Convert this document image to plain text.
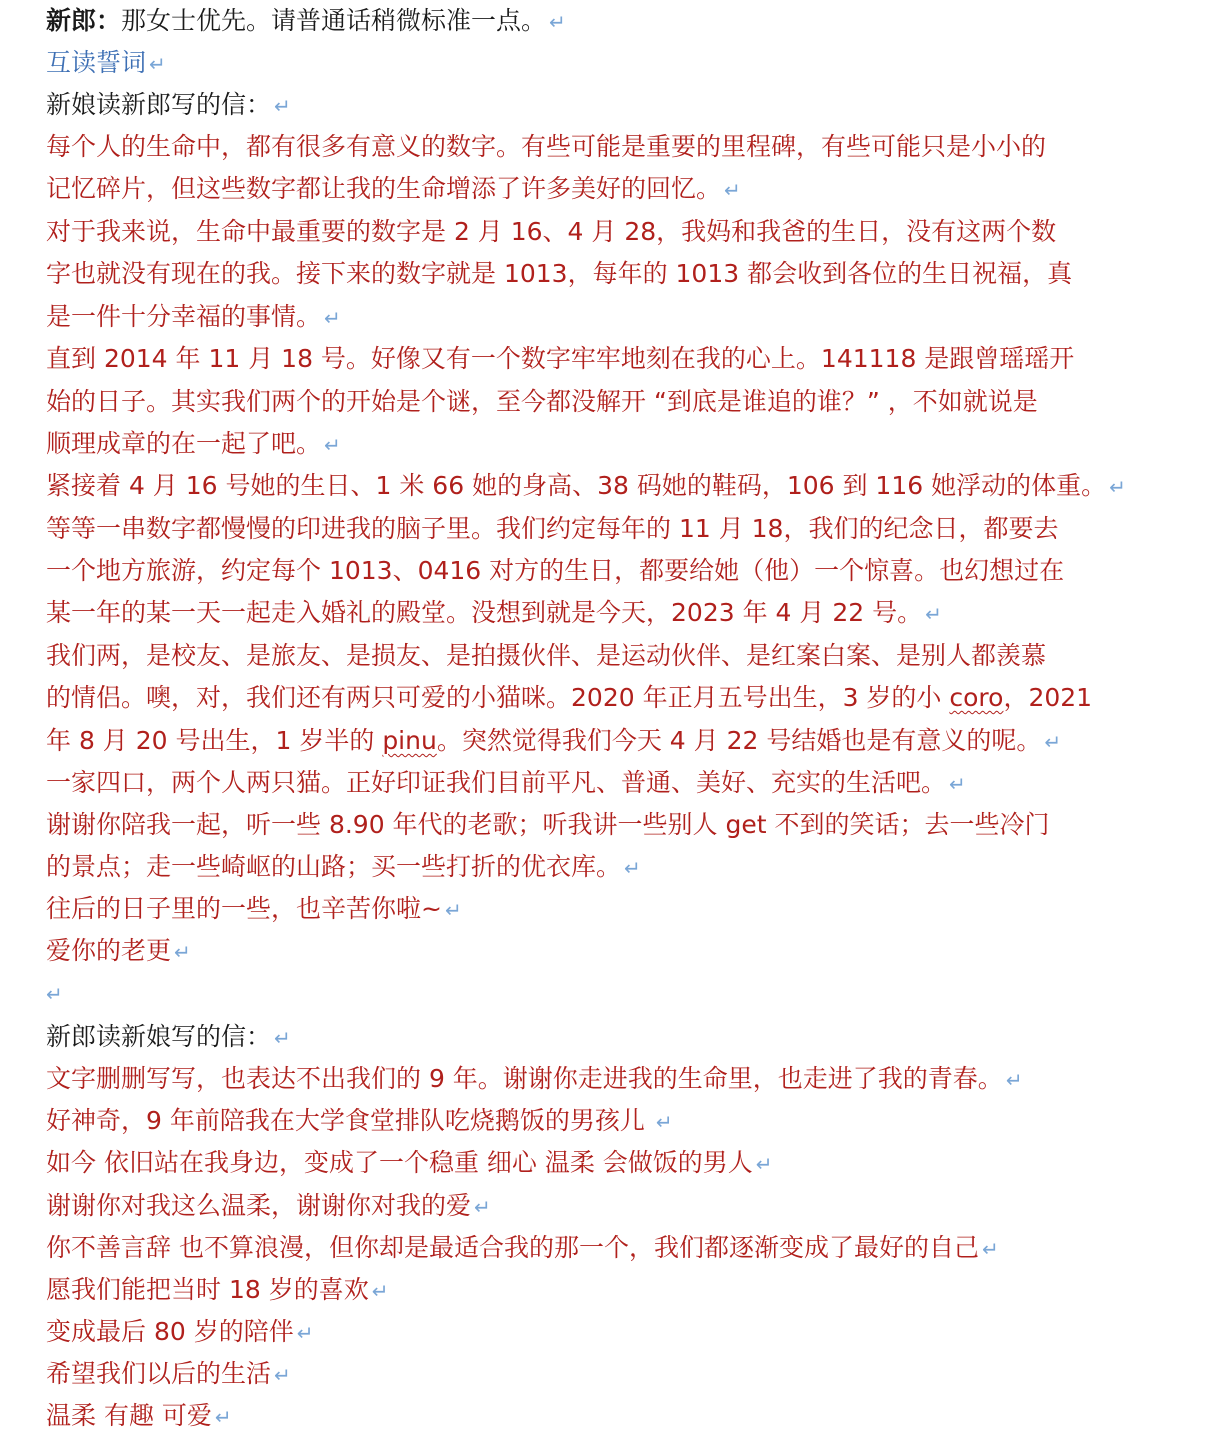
新郎：那女士优先。请普通话稍微标准一点。 ↵
互读誓词 ↵
新娘读新郎写的信： ↵
每个人的生命中，都有很多有意义的数字。有些可能是重要的里程碑，有些可能只是小小的
记忆碎片，但这些数字都让我的生命增添了许多美好的回忆。 ↵
对于我来说，生命中最重要的数字是 2 月 16、4 月 28，我妈和我爸的生日，没有这两个数
字也就没有现在的我。接下来的数字就是 1013，每年的 1013 都会收到各位的生日祝福，真
是一件十分幸福的事情。 ↵
直到 2014 年 11 月 18 号。好像又有一个数字牢牢地刻在我的心上。141118 是跟曾瑶瑶开
始的日子。其实我们两个的开始是个谜，至今都没解开 “到底是谁追的谁？” ，不如就说是
顺理成章的在一起了吧。 ↵
紧接着 4 月 16 号她的生日、1 米 66 她的身高、38 码她的鞋码，106 到 116 她浮动的体重。 ↵
等等一串数字都慢慢的印进我的脑子里。我们约定每年的 11 月 18，我们的纪念日，都要去
一个地方旅游，约定每个 1013、0416 对方的生日，都要给她（他）一个惊喜。也幻想过在
某一年的某一天一起走入婚礼的殿堂。没想到就是今天，2023 年 4 月 22 号。 ↵
我们两，是校友、是旅友、是损友、是拍摄伙伴、是运动伙伴、是红案白案、是别人都羡慕
的情侣。噢，对，我们还有两只可爱的小猫咪。2020 年正月五号出生，3 岁的小 coro，2021
年 8 月 20 号出生，1 岁半的 pinu。突然觉得我们今天 4 月 22 号结婚也是有意义的呢。 ↵
一家四口，两个人两只猫。正好印证我们目前平凡、普通、美好、充实的生活吧。 ↵
谢谢你陪我一起，听一些 8.90 年代的老歌；听我讲一些别人 get 不到的笑话；去一些冷门
的景点；走一些崎岖的山路；买一些打折的优衣库。 ↵
往后的日子里的一些，也辛苦你啦~ ↵
爱你的老更 ↵
↵
新郎读新娘写的信： ↵
文字删删写写，也表达不出我们的 9 年。谢谢你走进我的生命里，也走进了我的青春。 ↵
好神奇，9 年前陪我在大学食堂排队吃烧鹅饭的男孩儿 ↵
如今 依旧站在我身边，变成了一个稳重 细心 温柔 会做饭的男人 ↵
谢谢你对我这么温柔，谢谢你对我的爱 ↵
你不善言辞 也不算浪漫，但你却是最适合我的那一个，我们都逐渐变成了最好的自己 ↵
愿我们能把当时 18 岁的喜欢 ↵
变成最后 80 岁的陪伴 ↵
希望我们以后的生活 ↵
温柔 有趣 可爱 ↵
